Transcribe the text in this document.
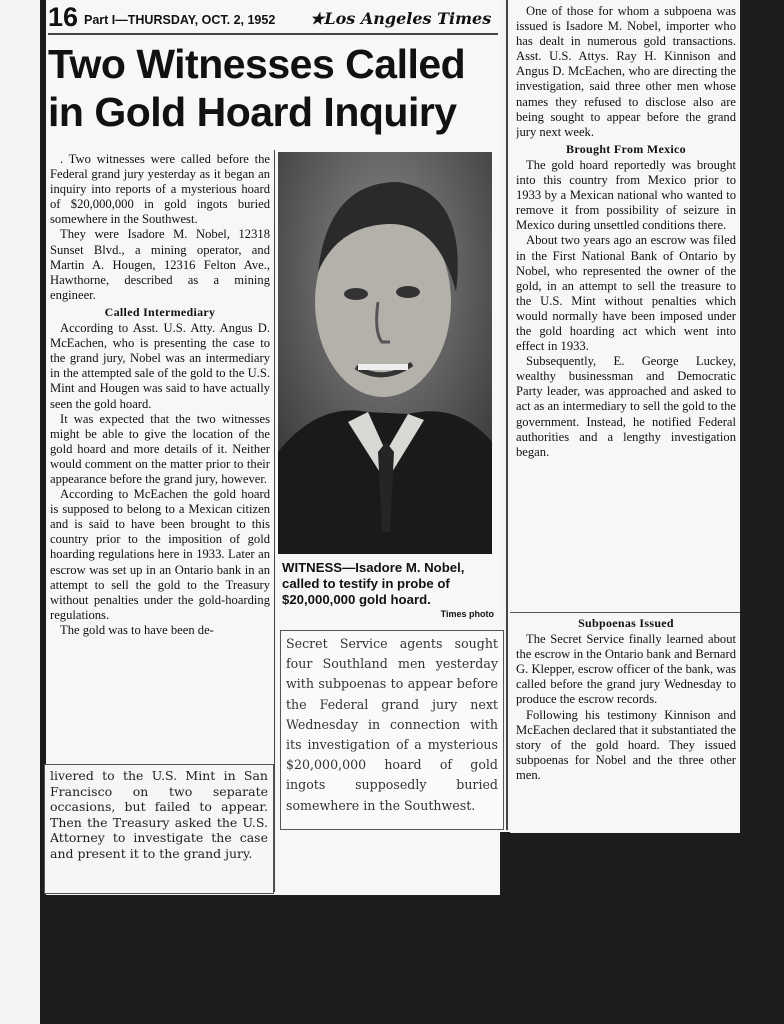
16 Part I—THURSDAY, OCT. 2, 1952 ★Los Angeles Times
Two Witnesses Called
in Gold Hoard Inquiry

. Two witnesses were called before the Federal grand jury yesterday as it began an inquiry into reports of a mysterious hoard of $20,000,000 in gold ingots buried somewhere in the Southwest.

They were Isadore M. Nobel, 12318 Sunset Blvd., a mining operator, and Martin A. Hougen, 12316 Felton Ave., Hawthorne, described as a mining engineer.

Called Intermediary

According to Asst. U.S. Atty. Angus D. McEachen, who is presenting the case to the grand jury, Nobel was an intermediary in the attempted sale of the gold to the U.S. Mint and Hougen was said to have actually seen the gold hoard.

It was expected that the two witnesses might be able to give the location of the gold hoard and more details of it. Neither would comment on the matter prior to their appearance before the grand jury, however.

According to McEachen the gold hoard is supposed to belong to a Mexican citizen and is said to have been brought to this country prior to the imposition of gold hoarding regulations here in 1933. Later an escrow was set up in an Ontario bank in an attempt to sell the gold to the Treasury without penalties under the gold-hoarding regulations.

The gold was to have been de-

livered to the U.S. Mint in San Francisco on two separate occasions, but failed to appear. Then the Treasury asked the U.S. Attorney to investigate the case and present it to the grand jury.
WITNESS—Isadore M. Nobel, called to testify in probe of $20,000,000 gold hoard.
Times photo
Secret Service agents sought four Southland men yesterday with subpoenas to appear before the Federal grand jury next Wednesday in connection with its investigation of a mysterious $20,000,000 hoard of gold ingots supposedly buried somewhere in the Southwest.

One of those for whom a subpoena was issued is Isadore M. Nobel, importer who has dealt in numerous gold transactions. Asst. U.S. Attys. Ray H. Kinnison and Angus D. McEachen, who are directing the investigation, said three other men whose names they refused to disclose also are being sought to appear before the grand jury next week.

Brought From Mexico

The gold hoard reportedly was brought into this country from Mexico prior to 1933 by a Mexican national who wanted to remove it from possibility of seizure in Mexico during unsettled conditions there.

About two years ago an escrow was filed in the First National Bank of Ontario by Nobel, who represented the owner of the gold, in an attempt to sell the treasure to the U.S. Mint without penalties which would normally have been imposed under the gold hoarding act which went into effect in 1933.

Subsequently, E. George Luckey, wealthy businessman and Democratic Party leader, was approached and asked to act as an intermediary to sell the gold to the government. Instead, he notified Federal authorities and a lengthy investigation began.

Subpoenas Issued

The Secret Service finally learned about the escrow in the Ontario bank and Bernard G. Klepper, escrow officer of the bank, was called before the grand jury Wednesday to produce the escrow records.

Following his testimony Kinnison and McEachen declared that it substantiated the story of the gold hoard. They issued subpoenas for Nobel and the three other men.
